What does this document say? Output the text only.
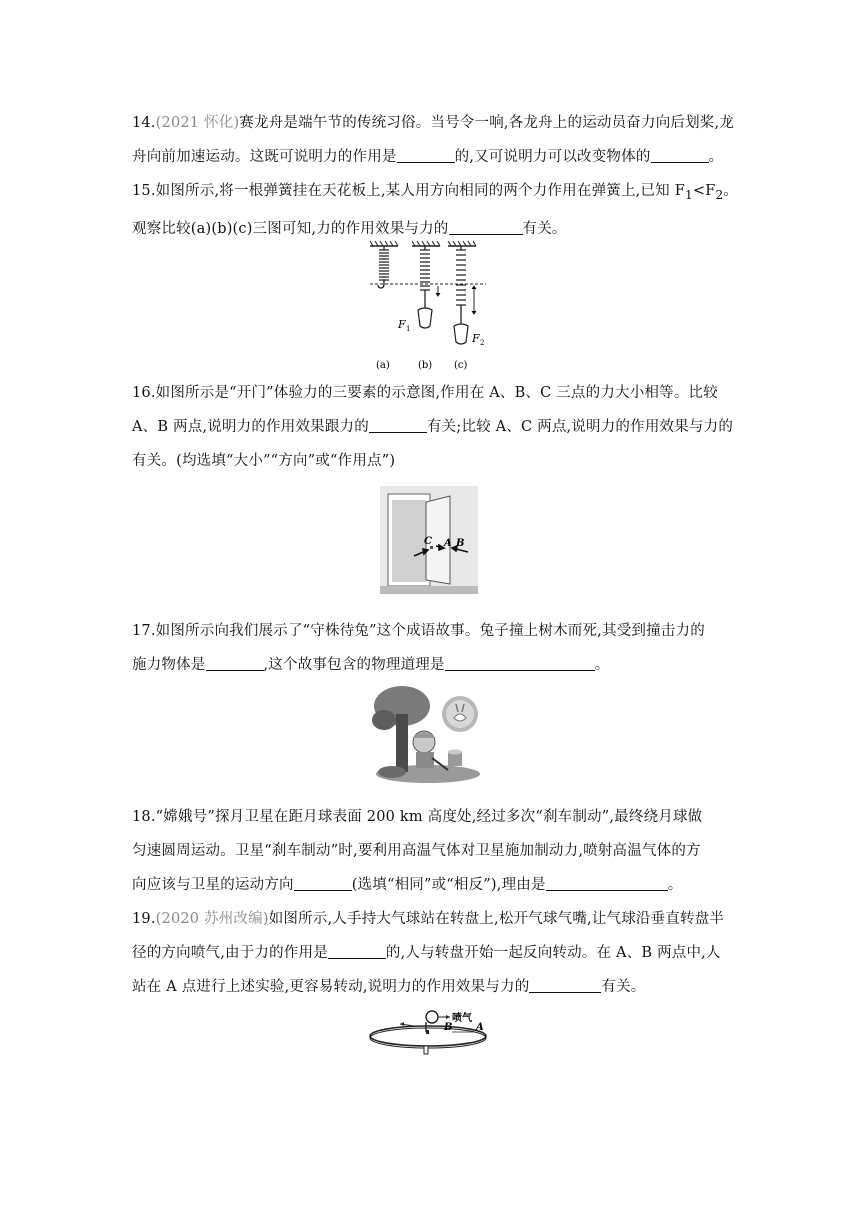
14.(2021 怀化)赛龙舟是端午节的传统习俗。当号令一响,各龙舟上的运动员奋力向后划桨,龙
舟向前加速运动。这既可说明力的作用是	的,又可说明力可以改变物体的	。
15.如图所示,将一根弹簧挂在天花板上,某人用方向相同的两个力作用在弹簧上,已知 $F_1<F_2$。
观察比较(a)(b)(c)三图可知,力的作用效果与力的	有关。
F 1
F 2
(a)	(b) (c)
16.如图所示是“开门”体验力的三要素的示意图,作用在 A、B、C 三点的力大小相等。比较
A、B 两点,说明力的作用效果跟力的	有关;比较 A、C 两点,说明力的作用效果与力的
有关。(均选填“大小”“方向”或“作用点”)
C A B
17.如图所示向我们展示了“守株待兔”这个成语故事。兔子撞上树木而死,其受到撞击力的
施力物体是	,这个故事包含的物理道理是	。
18.“嫦娥号”探月卫星在距月球表面 200 km 高度处,经过多次“刹车制动”,最终绕月球做
匀速圆周运动。卫星“刹车制动”时,要利用高温气体对卫星施加制动力,喷射高温气体的方
向应该与卫星的运动方向	(选填“相同”或“相反”),理由是	。
19.(2020 苏州改编)如图所示,人手持大气球站在转盘上,松开气球气嘴,让气球沿垂直转盘半
径的方向喷气,由于力的作用是	的,人与转盘开始一起反向转动。在 A、B 两点中,人
站在 A 点进行上述实验,更容易转动,说明力的作用效果与力的	有关。
喷气
B A
